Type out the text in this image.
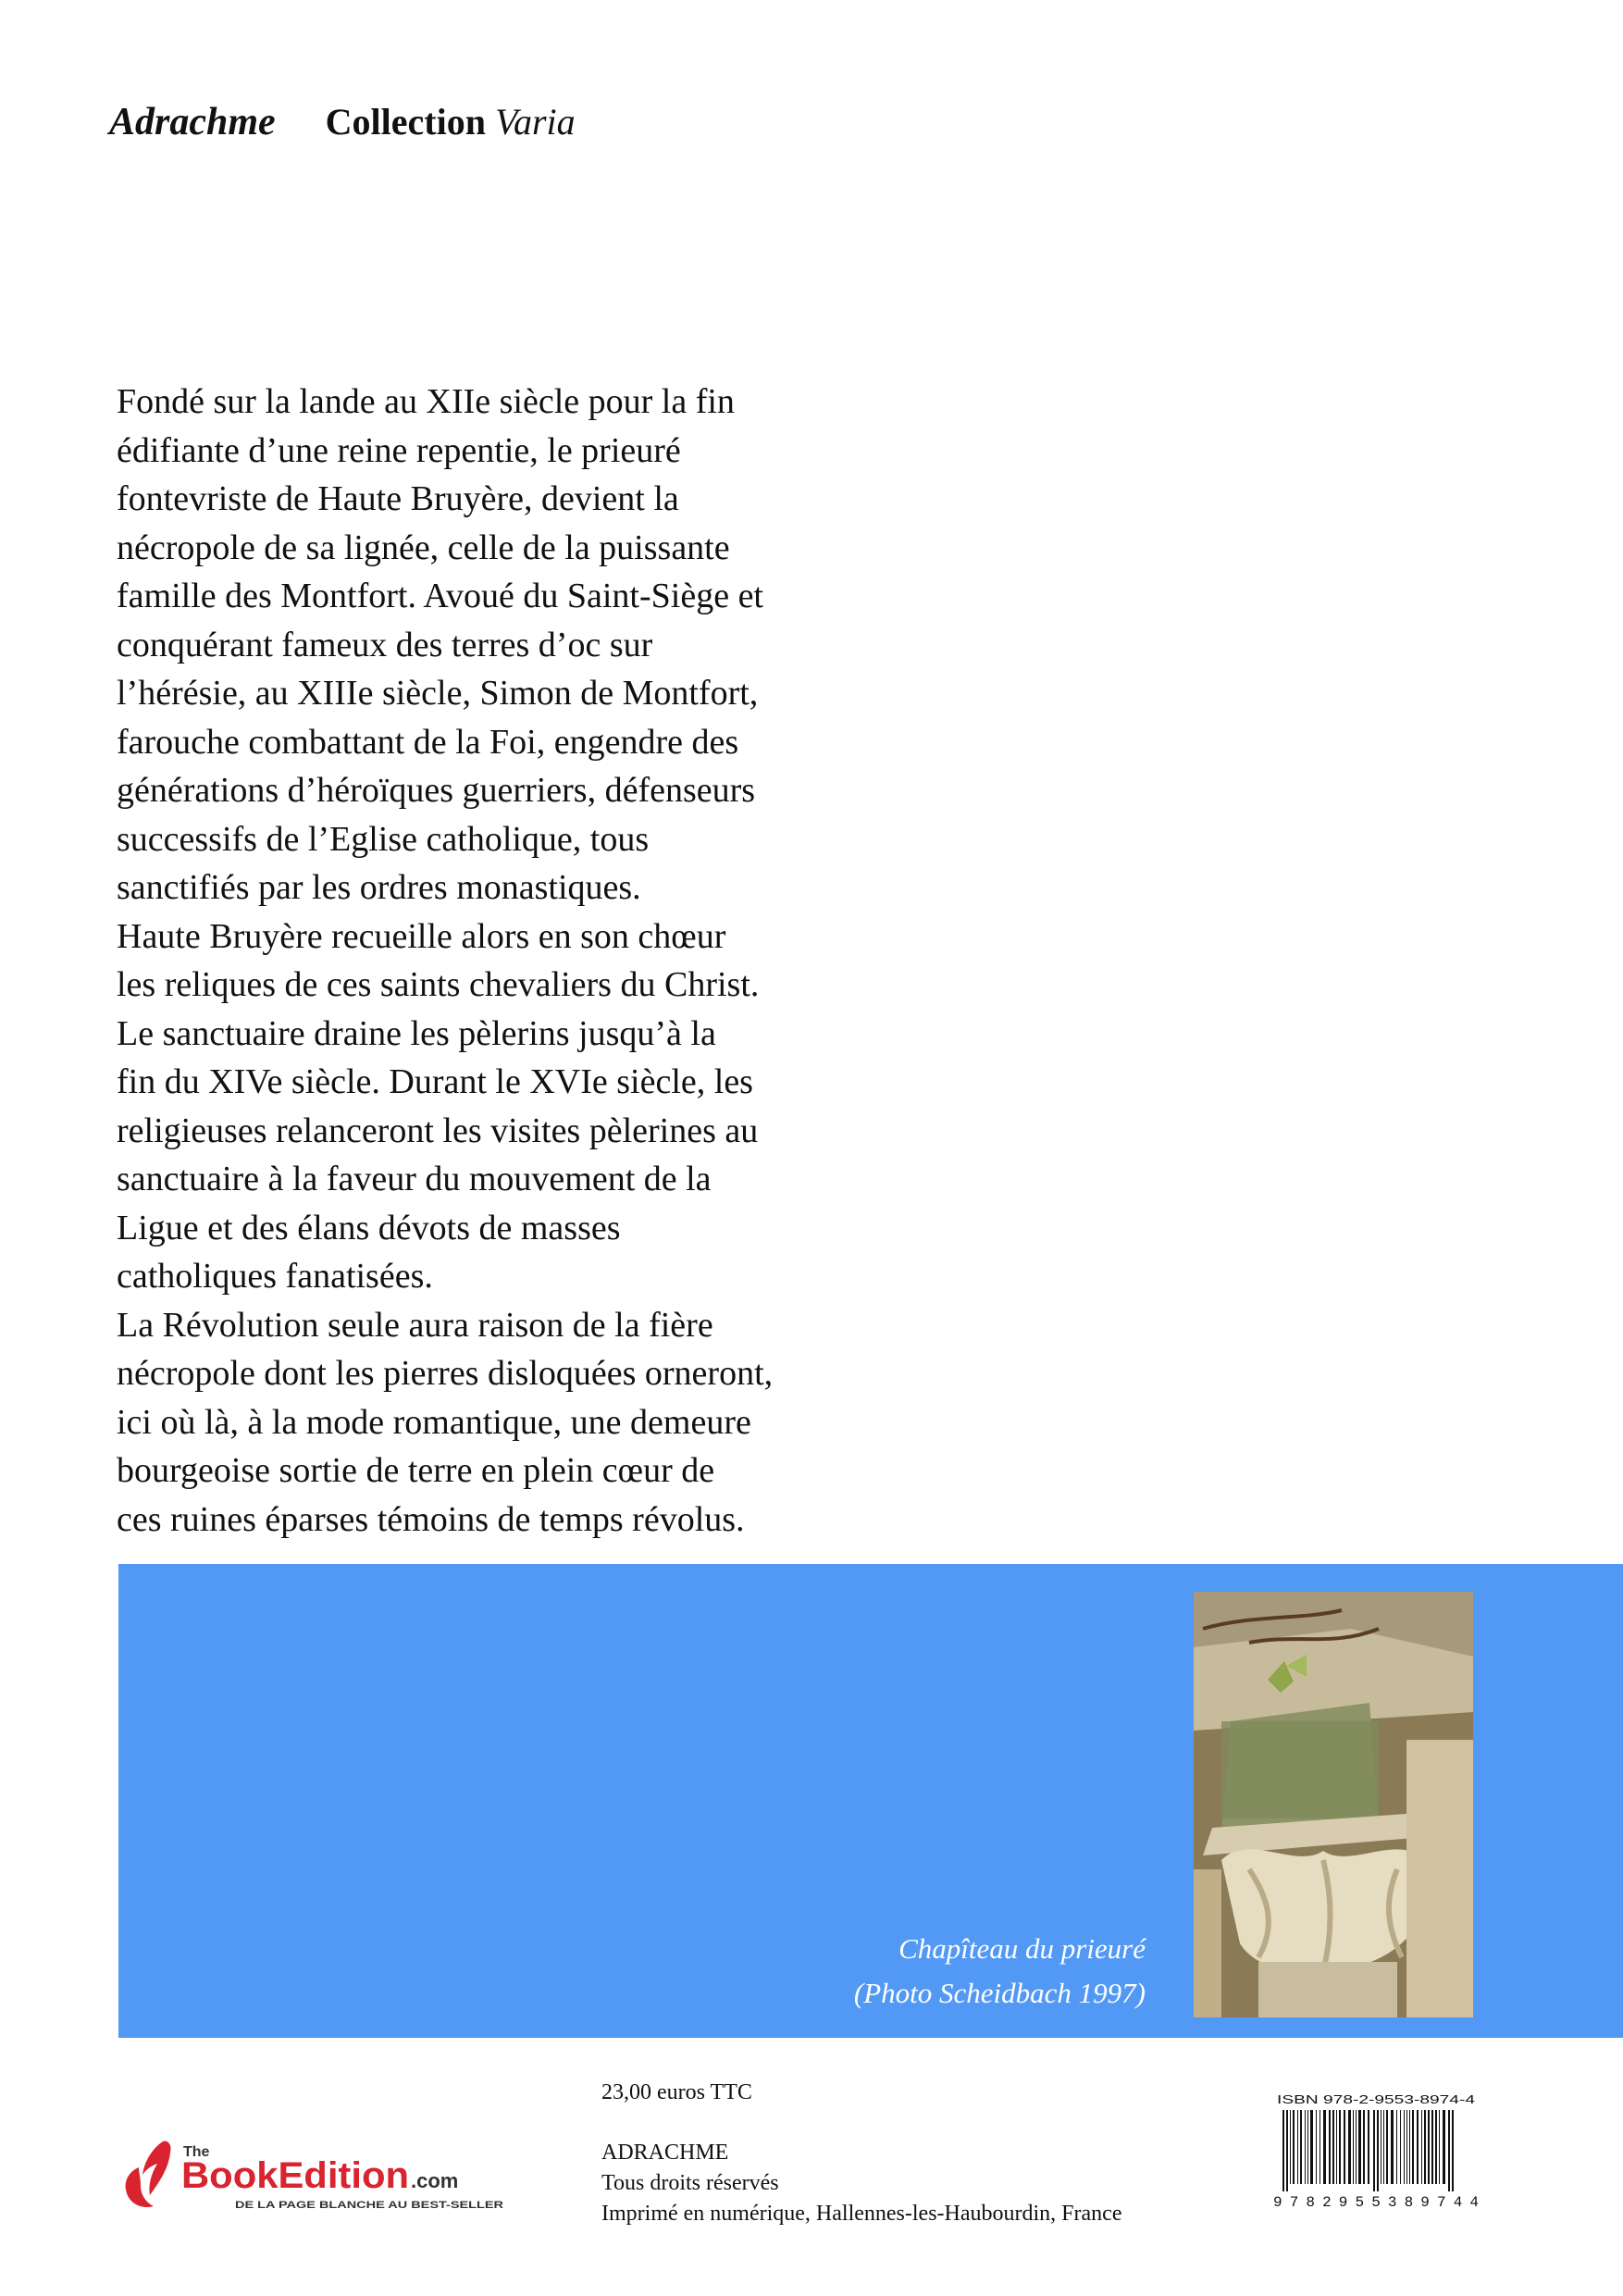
Adrachme Collection Varia

Fondé sur la lande au XIIe siècle pour la fin

édifiante d’une reine repentie, le prieuré

fontevriste de Haute Bruyère, devient la

nécropole de sa lignée, celle de la puissante

famille des Montfort. Avoué du Saint-Siège et

conquérant fameux des terres d’oc sur

l’hérésie, au XIIIe siècle, Simon de Montfort,

farouche combattant de la Foi, engendre des

générations d’héroïques guerriers, défenseurs

successifs de l’Eglise catholique, tous

sanctifiés par les ordres monastiques.

Haute Bruyère recueille alors en son chœur

les reliques de ces saints chevaliers du Christ.

Le sanctuaire draine les pèlerins jusqu’à la

fin du XIVe siècle. Durant le XVIe siècle, les

religieuses relanceront les visites pèlerines au

sanctuaire à la faveur du mouvement de la

Ligue et des élans dévots de masses

catholiques fanatisées.

La Révolution seule aura raison de la fière

nécropole dont les pierres disloquées orneront,

ici où là, à la mode romantique, une demeure

bourgeoise sortie de terre en plein cœur de

ces ruines éparses témoins de temps révolus.

Chapîteau du prieuré
(Photo Scheidbach 1997)
23,00 euros TTC
ADRACHME
Tous droits réservés
Imprimé en numérique, Hallennes-les-Haubourdin, France
The
BookEdition .com
DE LA PAGE BLANCHE AU BEST-SELLER
ISBN 978-2-9553-8974-4
9782955389744
